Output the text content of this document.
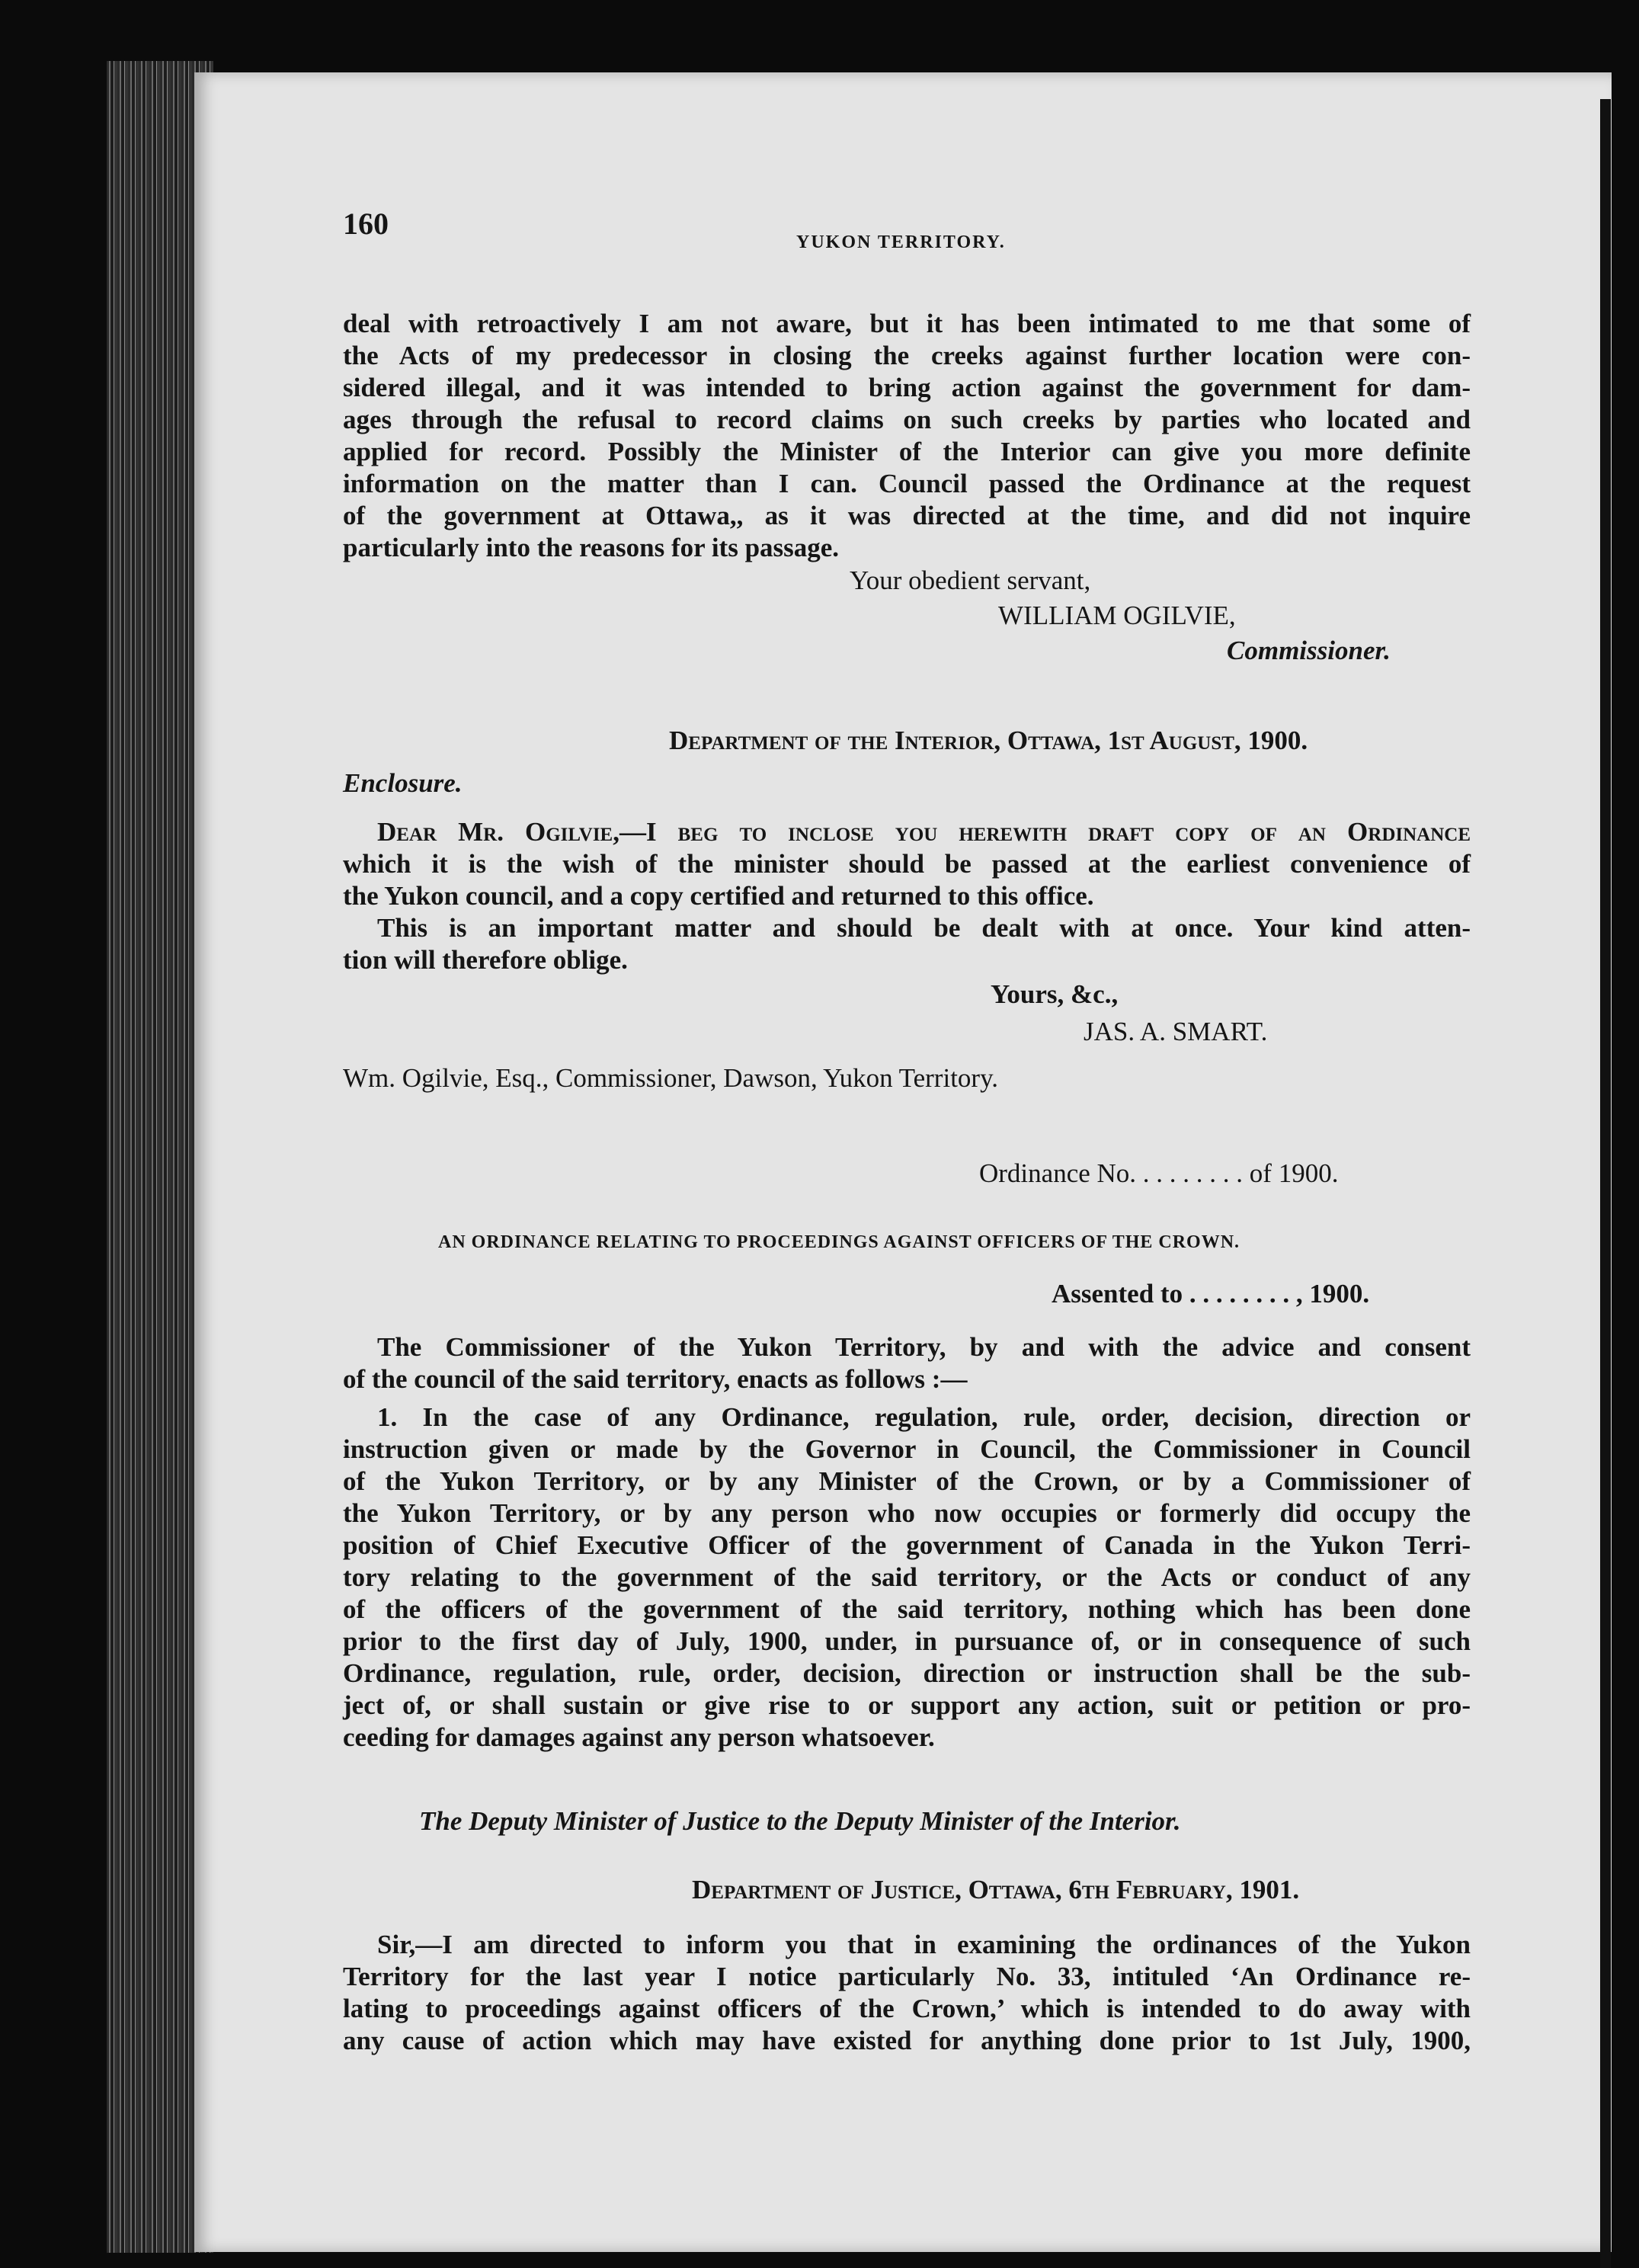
160

YUKON TERRITORY.

deal with retroactively I am not aware, but it has been intimated to me that some of

the Acts of my predecessor in closing the creeks against further location were con-

sidered illegal, and it was intended to bring action against the government for dam-

ages through the refusal to record claims on such creeks by parties who located and

applied for record. Possibly the Minister of the Interior can give you more definite

information on the matter than I can. Council passed the Ordinance at the request

of the government at Ottawa,, as it was directed at the time, and did not inquire

particularly into the reasons for its passage.

Your obedient servant,

WILLIAM OGILVIE,

Commissioner.

Department of the Interior, Ottawa, 1st August, 1900.

Enclosure.

Dear Mr. Ogilvie,—I beg to inclose you herewith draft copy of an Ordinance

which it is the wish of the minister should be passed at the earliest convenience of

the Yukon council, and a copy certified and returned to this office.

This is an important matter and should be dealt with at once. Your kind atten-

tion will therefore oblige.

Yours, &c.,

JAS. A. SMART.

Wm. Ogilvie, Esq., Commissioner, Dawson, Yukon Territory.

Ordinance No. . . . . . . . . of 1900.

AN ORDINANCE RELATING TO PROCEEDINGS AGAINST OFFICERS OF THE CROWN.

Assented to . . . . . . . . , 1900.

The Commissioner of the Yukon Territory, by and with the advice and consent

of the council of the said territory, enacts as follows :—

1. In the case of any Ordinance, regulation, rule, order, decision, direction or

instruction given or made by the Governor in Council, the Commissioner in Council

of the Yukon Territory, or by any Minister of the Crown, or by a Commissioner of

the Yukon Territory, or by any person who now occupies or formerly did occupy the

position of Chief Executive Officer of the government of Canada in the Yukon Terri-

tory relating to the government of the said territory, or the Acts or conduct of any

of the officers of the government of the said territory, nothing which has been done

prior to the first day of July, 1900, under, in pursuance of, or in consequence of such

Ordinance, regulation, rule, order, decision, direction or instruction shall be the sub-

ject of, or shall sustain or give rise to or support any action, suit or petition or pro-

ceeding for damages against any person whatsoever.

The Deputy Minister of Justice to the Deputy Minister of the Interior.

Department of Justice, Ottawa, 6th February, 1901.

Sir,—I am directed to inform you that in examining the ordinances of the Yukon

Territory for the last year I notice particularly No. 33, intituled ‘An Ordinance re-

lating to proceedings against officers of the Crown,’ which is intended to do away with

any cause of action which may have existed for anything done prior to 1st July, 1900,
